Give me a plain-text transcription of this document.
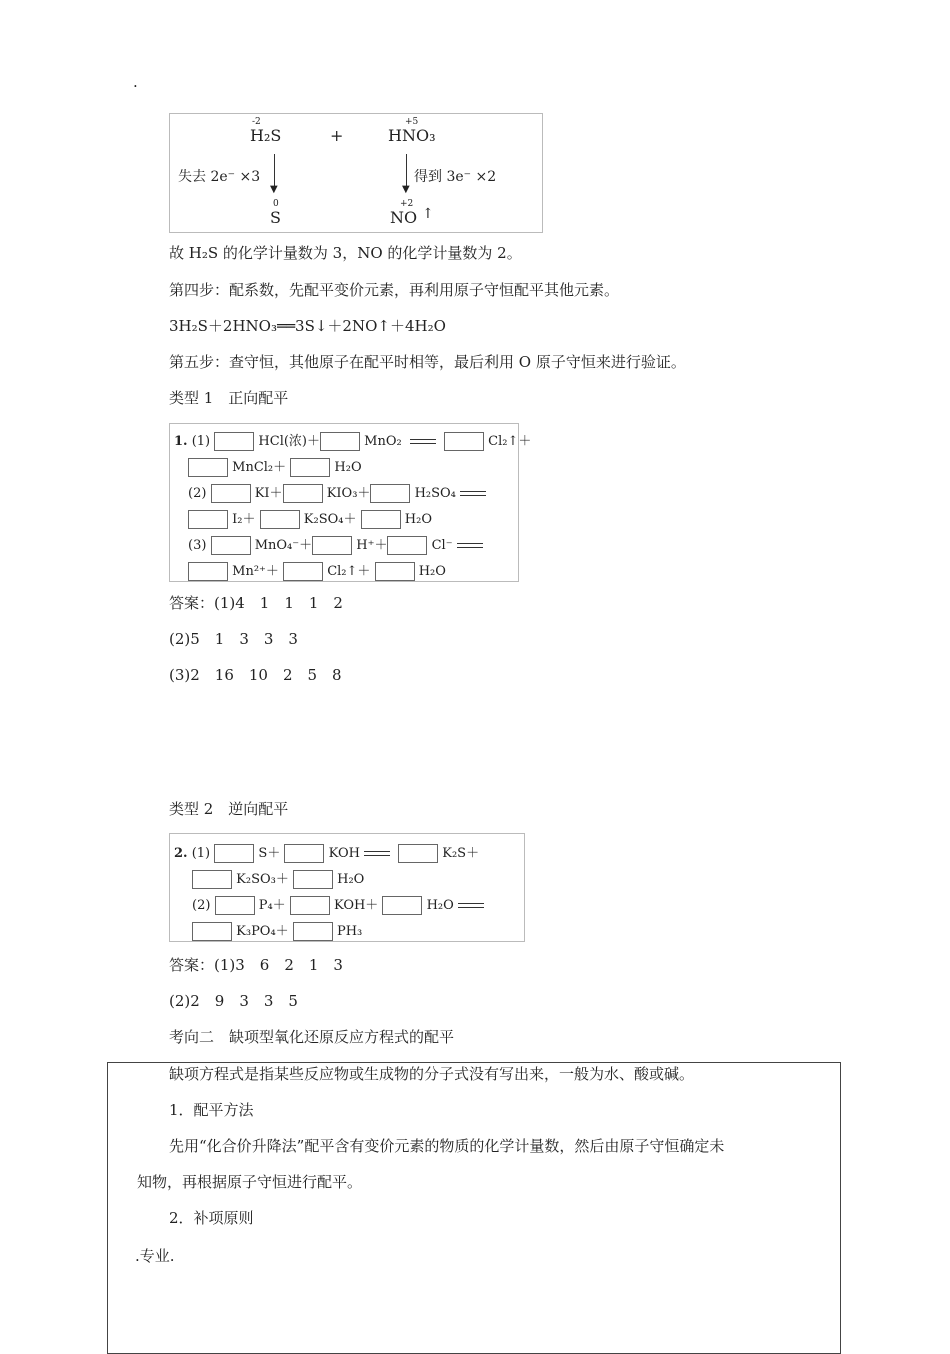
.
-2
H₂S	+
+5
HNO₃
失去 2e⁻ ×3
▼	▼
得到 3e⁻ ×2
0
S
+2
NO ↑
故 H₂S 的化学计量数为 3，NO 的化学计量数为 2。
第四步：配系数，先配平变价元素，再利用原子守恒配平其他元素。
3H₂S＋2HNO₃══3S↓＋2NO↑＋4H₂O
第五步：查守恒，其他原子在配平时相等，最后利用 O 原子守恒来进行验证。
类型 1　正向配平
1. (1)	HCl(浓)＋	MnO₂	Cl₂↑＋
MnCl₂＋	H₂O
(2)	KI＋	KIO₃＋	H₂SO₄
I₂＋	K₂SO₄＋	H₂O
(3)	MnO₄⁻＋	H⁺＋	Cl⁻
Mn²⁺＋	Cl₂↑＋	H₂O
答案：(1)4　1　1　1　2
(2)5　1　3　3　3
(3)2　16　10　2　5　8
类型 2　逆向配平
2. (1)	S＋	KOH	K₂S＋
K₂SO₃＋	H₂O
(2)	P₄＋	KOH＋	H₂O
K₃PO₄＋	PH₃
答案：(1)3　6　2　1　3
(2)2　9　3　3　5
考向二　缺项型氧化还原反应方程式的配平
缺项方程式是指某些反应物或生成物的分子式没有写出来，一般为水、酸或碱。
1．配平方法
先用“化合价升降法”配平含有变价元素的物质的化学计量数，然后由原子守恒确定未
知物，再根据原子守恒进行配平。
2．补项原则
.专业.
